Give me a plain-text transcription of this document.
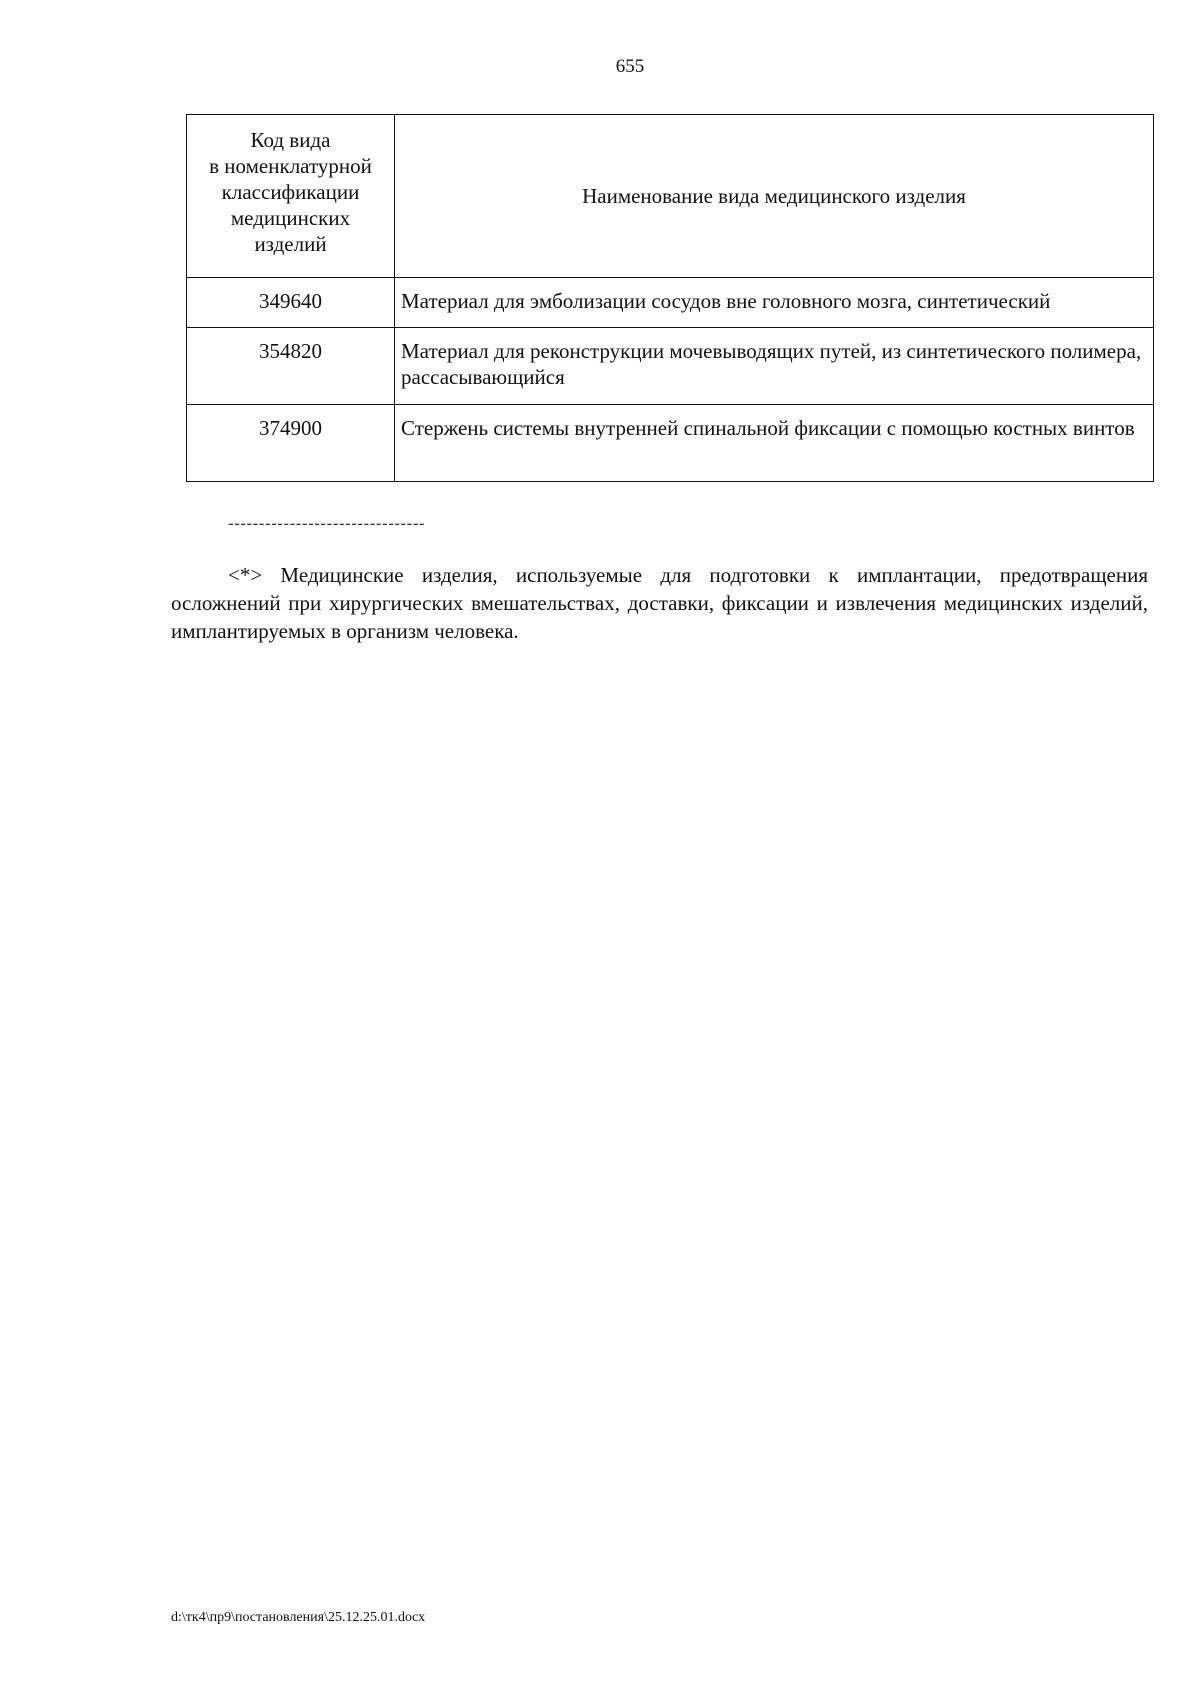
655
Код вида
в номенклатурной
классификации
медицинских
изделий	Наименование вида медицинского изделия
349640	Материал для эмболизации сосудов вне головного мозга, синтетический
354820	Материал для реконструкции мочевыводящих путей, из синтетического полимера, рассасывающийся
374900	Стержень системы внутренней спинальной фиксации с помощью костных винтов
--------------------------------

<*> Медицинские изделия, используемые для подготовки к имплантации, предотвращения осложнений при хирургических вмешательствах, доставки, фиксации и извлечения медицинских изделий, имплантируемых в организм человека.

d:\тк4\пр9\постановления\25.12.25.01.docx
